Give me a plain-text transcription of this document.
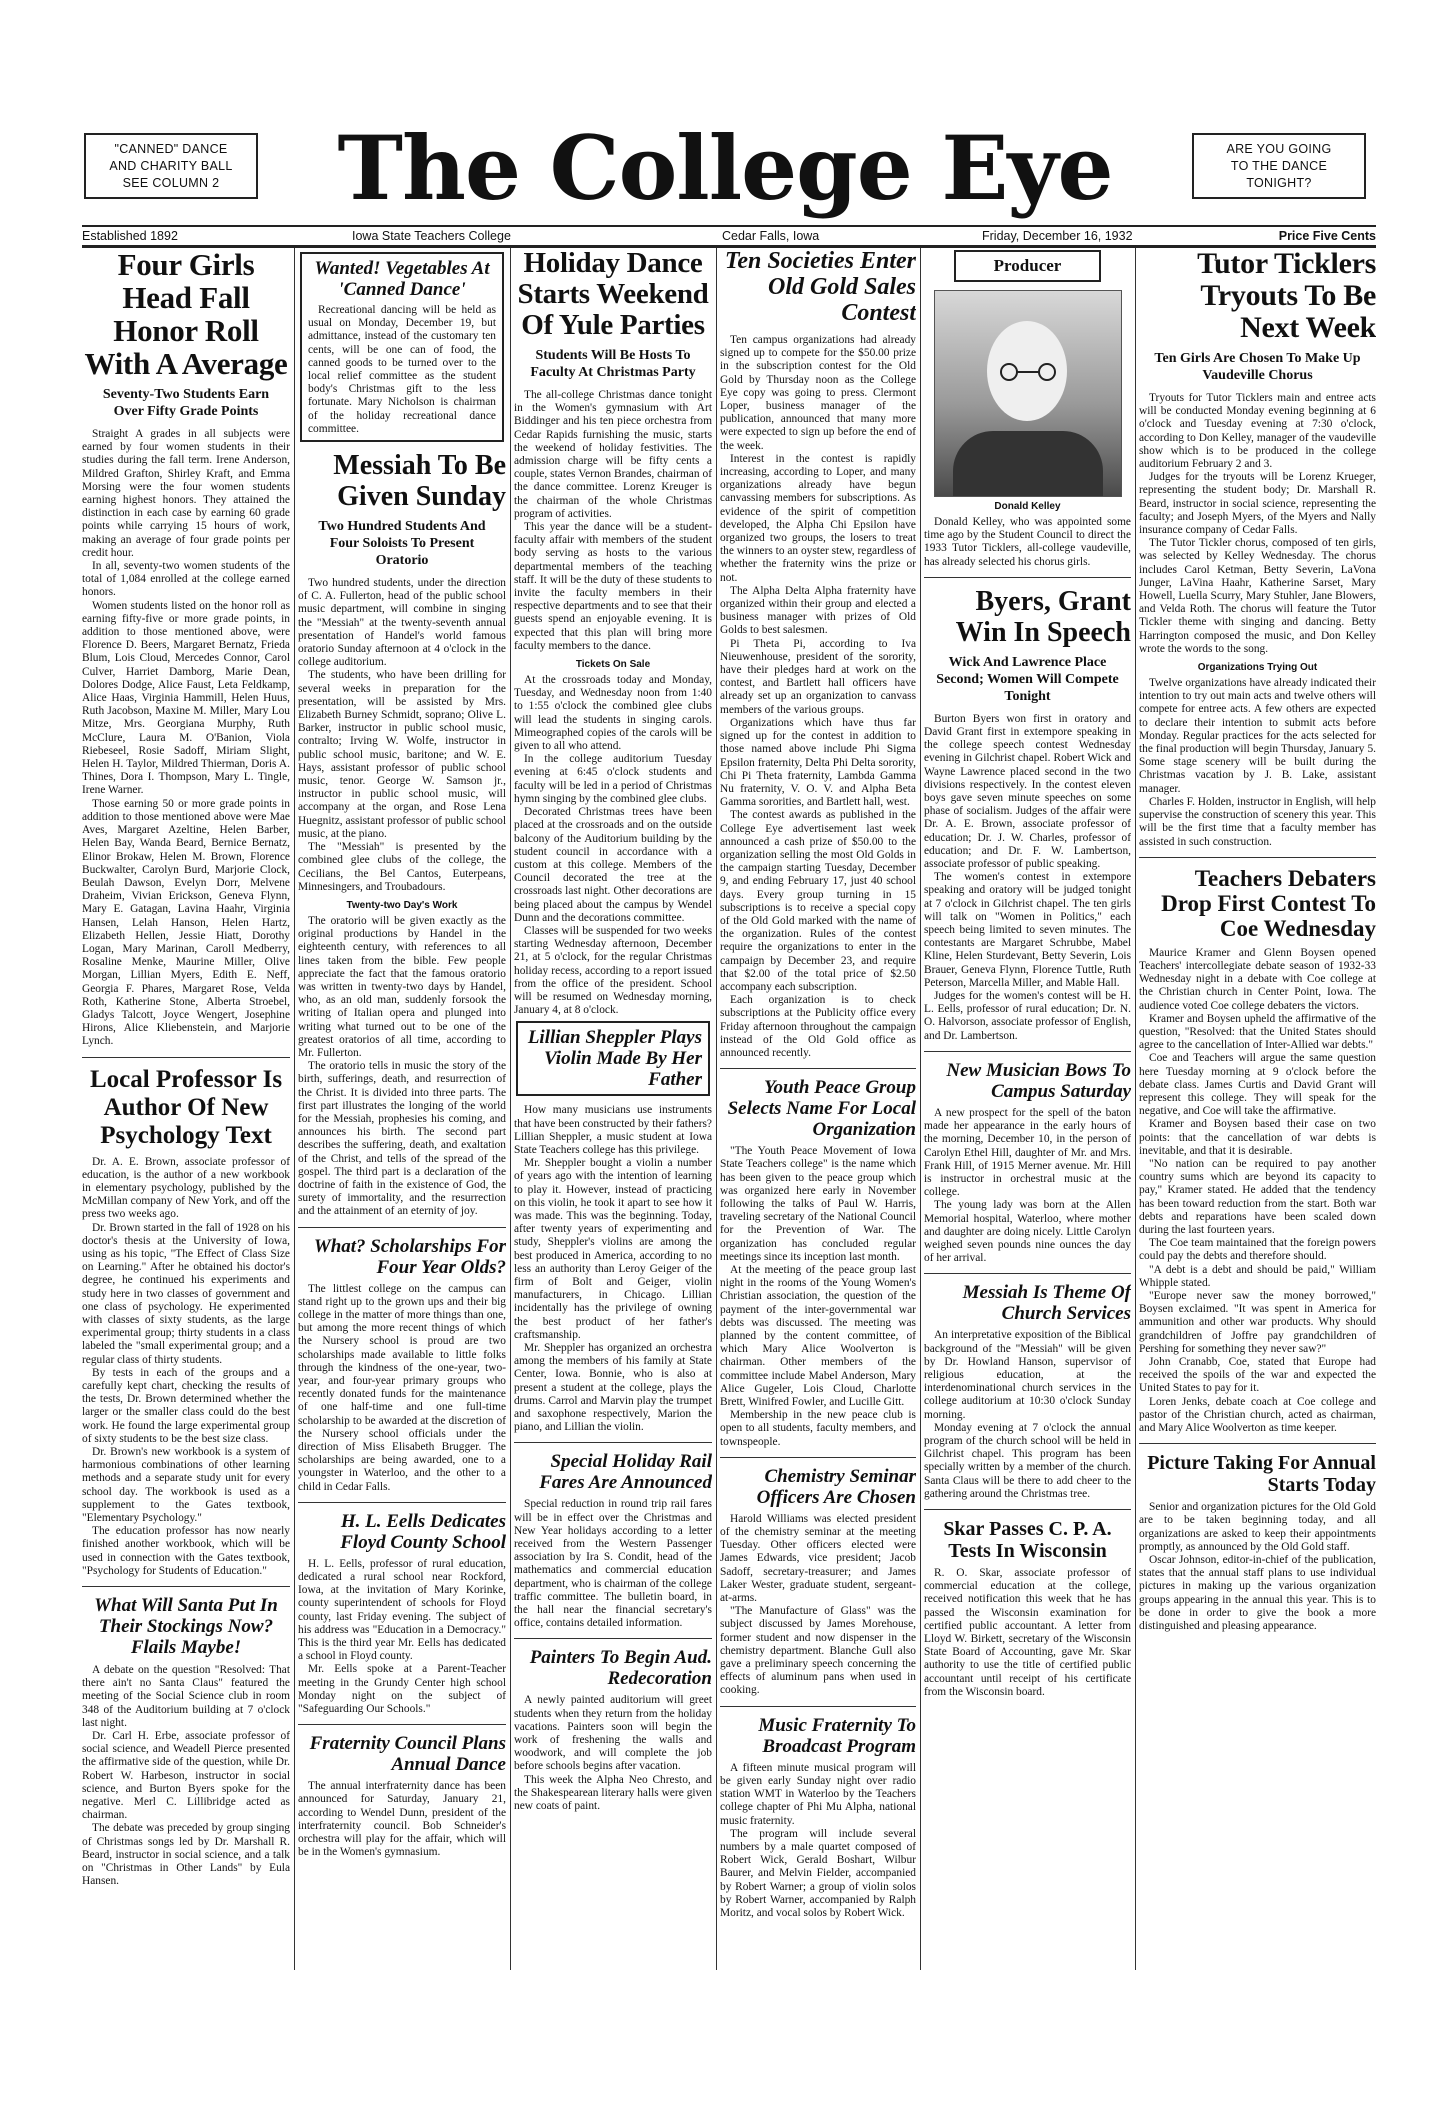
"CANNED" DANCE
AND CHARITY BALL
SEE COLUMN 2	The College Eye	ARE YOU GOING
TO THE DANCE
TONIGHT?
Established 1892	Iowa State Teachers College	Cedar Falls, Iowa	Friday, December 16, 1932	Price Five Cents
Four Girls Head Fall Honor Roll With A Average
Seventy-Two Students Earn Over Fifty Grade Points

Straight A grades in all subjects were earned by four women students in their studies during the fall term. Irene Anderson, Mildred Grafton, Shirley Kraft, and Emma Morsing were the four women students earning highest honors. They attained the distinction in each case by earning 60 grade points while carrying 15 hours of work, making an average of four grade points per credit hour.

In all, seventy-two women students of the total of 1,084 enrolled at the college earned honors.

Women students listed on the honor roll as earning fifty-five or more grade points, in addition to those mentioned above, were Florence D. Beers, Margaret Bernatz, Frieda Blum, Lois Cloud, Mercedes Connor, Carol Culver, Harriet Damborg, Marie Dean, Dolores Dodge, Alice Faust, Leta Feldkamp, Alice Haas, Virginia Hammill, Helen Huus, Ruth Jacobson, Maxine M. Miller, Mary Lou Mitze, Mrs. Georgiana Murphy, Ruth McClure, Laura M. O'Banion, Viola Riebeseel, Rosie Sadoff, Miriam Slight, Helen H. Taylor, Mildred Thierman, Doris A. Thines, Dora I. Thompson, Mary L. Tingle, Irene Warner.

Those earning 50 or more grade points in addition to those mentioned above were Mae Aves, Margaret Azeltine, Helen Barber, Helen Bay, Wanda Beard, Bernice Bernatz, Elinor Brokaw, Helen M. Brown, Florence Buckwalter, Carolyn Burd, Marjorie Clock, Beulah Dawson, Evelyn Dorr, Melvene Draheim, Vivian Erickson, Geneva Flynn, Mary E. Gatagan, Lavina Haahr, Virginia Hansen, Lelah Hanson, Helen Hartz, Elizabeth Hellen, Jessie Hiatt, Dorothy Logan, Mary Marinan, Caroll Medberry, Rosaline Menke, Maurine Miller, Olive Morgan, Lillian Myers, Edith E. Neff, Georgia F. Phares, Margaret Rose, Velda Roth, Katherine Stone, Alberta Stroebel, Gladys Talcott, Joyce Wengert, Josephine Hirons, Alice Kliebenstein, and Marjorie Lynch.

Local Professor Is Author Of New Psychology Text

Dr. A. E. Brown, associate professor of education, is the author of a new workbook in elementary psychology, published by the McMillan company of New York, and off the press two weeks ago.

Dr. Brown started in the fall of 1928 on his doctor's thesis at the University of Iowa, using as his topic, "The Effect of Class Size on Learning." After he obtained his doctor's degree, he continued his experiments and study here in two classes of government and one class of psychology. He experimented with classes of sixty students, as the large experimental group; thirty students in a class labeled the "small experimental group; and a regular class of thirty students.

By tests in each of the groups and a carefully kept chart, checking the results of the tests, Dr. Brown determined whether the larger or the smaller class could do the best work. He found the large experimental group of sixty students to be the best size class.

Dr. Brown's new workbook is a system of harmonious combinations of other learning methods and a separate study unit for every school day. The workbook is used as a supplement to the Gates textbook, "Elementary Psychology."

The education professor has now nearly finished another workbook, which will be used in connection with the Gates textbook, "Psychology for Students of Education."

What Will Santa Put In Their Stockings Now? Flails Maybe!

A debate on the question "Resolved: That there ain't no Santa Claus" featured the meeting of the Social Science club in room 348 of the Auditorium building at 7 o'clock last night.

Dr. Carl H. Erbe, associate professor of social science, and Weadell Pierce presented the affirmative side of the question, while Dr. Robert W. Harbeson, instructor in social science, and Burton Byers spoke for the negative. Merl C. Lillibridge acted as chairman.

The debate was preceded by group singing of Christmas songs led by Dr. Marshall R. Beard, instructor in social science, and a talk on "Christmas in Other Lands" by Eula Hansen.

Wanted! Vegetables At 'Canned Dance'

Recreational dancing will be held as usual on Monday, December 19, but admittance, instead of the customary ten cents, will be one can of food, the canned goods to be turned over to the local relief committee as the student body's Christmas gift to the less fortunate. Mary Nicholson is chairman of the holiday recreational dance committee.

Messiah To Be Given Sunday
Two Hundred Students And Four Soloists To Present Oratorio

Two hundred students, under the direction of C. A. Fullerton, head of the public school music department, will combine in singing the "Messiah" at the twenty-seventh annual presentation of Handel's world famous oratorio Sunday afternoon at 4 o'clock in the college auditorium.

The students, who have been drilling for several weeks in preparation for the presentation, will be assisted by Mrs. Elizabeth Burney Schmidt, soprano; Olive L. Barker, instructor in public school music, contralto; Irving W. Wolfe, instructor in public school music, baritone; and W. E. Hays, assistant professor of public school music, tenor. George W. Samson jr., instructor in public school music, will accompany at the organ, and Rose Lena Huegnitz, assistant professor of public school music, at the piano.

The "Messiah" is presented by the combined glee clubs of the college, the Cecilians, the Bel Cantos, Euterpeans, Minnesingers, and Troubadours.

Twenty-two Day's Work

The oratorio will be given exactly as the original productions by Handel in the eighteenth century, with references to all lines taken from the bible. Few people appreciate the fact that the famous oratorio was written in twenty-two days by Handel, who, as an old man, suddenly forsook the writing of Italian opera and plunged into writing what turned out to be one of the greatest oratorios of all time, according to Mr. Fullerton.

The oratorio tells in music the story of the birth, sufferings, death, and resurrection of the Christ. It is divided into three parts. The first part illustrates the longing of the world for the Messiah, prophesies his coming, and announces his birth. The second part describes the suffering, death, and exaltation of the Christ, and tells of the spread of the gospel. The third part is a declaration of the doctrine of faith in the existence of God, the surety of immortality, and the resurrection and the attainment of an eternity of joy.

What? Scholarships For Four Year Olds?

The littlest college on the campus can stand right up to the grown ups and their big college in the matter of more things than one, but among the more recent things of which the Nursery school is proud are two scholarships made available to little folks through the kindness of the one-year, two-year, and four-year primary groups who recently donated funds for the maintenance of one half-time and one full-time scholarship to be awarded at the discretion of the Nursery school officials under the direction of Miss Elisabeth Brugger. The scholarships are being awarded, one to a youngster in Waterloo, and the other to a child in Cedar Falls.

H. L. Eells Dedicates Floyd County School

H. L. Eells, professor of rural education, dedicated a rural school near Rockford, Iowa, at the invitation of Mary Korinke, county superintendent of schools for Floyd county, last Friday evening. The subject of his address was "Education in a Democracy." This is the third year Mr. Eells has dedicated a school in Floyd county.

Mr. Eells spoke at a Parent-Teacher meeting in the Grundy Center high school Monday night on the subject of "Safeguarding Our Schools."

Fraternity Council Plans Annual Dance

The annual interfraternity dance has been announced for Saturday, January 21, according to Wendel Dunn, president of the interfraternity council. Bob Schneider's orchestra will play for the affair, which will be in the Women's gymnasium.

Holiday Dance Starts Weekend Of Yule Parties
Students Will Be Hosts To Faculty At Christmas Party

The all-college Christmas dance tonight in the Women's gymnasium with Art Biddinger and his ten piece orchestra from Cedar Rapids furnishing the music, starts the weekend of holiday festivities. The admission charge will be fifty cents a couple, states Vernon Brandes, chairman of the dance committee. Lorenz Kreuger is the chairman of the whole Christmas program of activities.

This year the dance will be a student-faculty affair with members of the student body serving as hosts to the various departmental members of the teaching staff. It will be the duty of these students to invite the faculty members in their respective departments and to see that their guests spend an enjoyable evening. It is expected that this plan will bring more faculty members to the dance.

Tickets On Sale

At the crossroads today and Monday, Tuesday, and Wednesday noon from 1:40 to 1:55 o'clock the combined glee clubs will lead the students in singing carols. Mimeographed copies of the carols will be given to all who attend.

In the college auditorium Tuesday evening at 6:45 o'clock students and faculty will be led in a period of Christmas hymn singing by the combined glee clubs.

Decorated Christmas trees have been placed at the crossroads and on the outside balcony of the Auditorium building by the student council in accordance with a custom at this college. Members of the Council decorated the tree at the crossroads last night. Other decorations are being placed about the campus by Wendel Dunn and the decorations committee.

Classes will be suspended for two weeks starting Wednesday afternoon, December 21, at 5 o'clock, for the regular Christmas holiday recess, according to a report issued from the office of the president. School will be resumed on Wednesday morning, January 4, at 8 o'clock.

Lillian Sheppler Plays Violin Made By Her Father

How many musicians use instruments that have been constructed by their fathers? Lillian Sheppler, a music student at Iowa State Teachers college has this privilege.

Mr. Sheppler bought a violin a number of years ago with the intention of learning to play it. However, instead of practicing on this violin, he took it apart to see how it was made. This was the beginning. Today, after twenty years of experimenting and study, Sheppler's violins are among the best produced in America, according to no less an authority than Leroy Geiger of the firm of Bolt and Geiger, violin manufacturers, in Chicago. Lillian incidentally has the privilege of owning the best product of her father's craftsmanship.

Mr. Sheppler has organized an orchestra among the members of his family at State Center, Iowa. Bonnie, who is also at present a student at the college, plays the drums. Carrol and Marvin play the trumpet and saxophone respectively, Marion the piano, and Lillian the violin.

Special Holiday Rail Fares Are Announced

Special reduction in round trip rail fares will be in effect over the Christmas and New Year holidays according to a letter received from the Western Passenger association by Ira S. Condit, head of the mathematics and commercial education department, who is chairman of the college traffic committee. The bulletin board, in the hall near the financial secretary's office, contains detailed information.

Painters To Begin Aud. Redecoration

A newly painted auditorium will greet students when they return from the holiday vacations. Painters soon will begin the work of freshening the walls and woodwork, and will complete the job before schools begins after vacation.

This week the Alpha Neo Chresto, and the Shakespearean literary halls were given new coats of paint.

Ten Societies Enter Old Gold Sales Contest

Ten campus organizations had already signed up to compete for the $50.00 prize in the subscription contest for the Old Gold by Thursday noon as the College Eye copy was going to press. Clermont Loper, business manager of the publication, announced that many more were expected to sign up before the end of the week.

Interest in the contest is rapidly increasing, according to Loper, and many organizations already have begun canvassing members for subscriptions. As evidence of the spirit of competition developed, the Alpha Chi Epsilon have organized two groups, the losers to treat the winners to an oyster stew, regardless of whether the fraternity wins the prize or not.

The Alpha Delta Alpha fraternity have organized within their group and elected a business manager with prizes of Old Golds to best salesmen.

Pi Theta Pi, according to Iva Nieuwenhouse, president of the sorority, have their pledges hard at work on the contest, and Bartlett hall officers have already set up an organization to canvass members of the various groups.

Organizations which have thus far signed up for the contest in addition to those named above include Phi Sigma Epsilon fraternity, Delta Phi Delta sorority, Chi Pi Theta fraternity, Lambda Gamma Nu fraternity, V. O. V. and Alpha Beta Gamma sororities, and Bartlett hall, west.

The contest awards as published in the College Eye advertisement last week announced a cash prize of $50.00 to the organization selling the most Old Golds in the campaign starting Tuesday, December 9, and ending February 17, just 40 school days. Every group turning in 15 subscriptions is to receive a special copy of the Old Gold marked with the name of the organization. Rules of the contest require the organizations to enter in the campaign by December 23, and require that $2.00 of the total price of $2.50 accompany each subscription.

Each organization is to check subscriptions at the Publicity office every Friday afternoon throughout the campaign instead of the Old Gold office as announced recently.

Youth Peace Group Selects Name For Local Organization

"The Youth Peace Movement of Iowa State Teachers college" is the name which has been given to the peace group which was organized here early in November following the talks of Paul W. Harris, traveling secretary of the National Council for the Prevention of War. The organization has concluded regular meetings since its inception last month.

At the meeting of the peace group last night in the rooms of the Young Women's Christian association, the question of the payment of the inter-governmental war debts was discussed. The meeting was planned by the content committee, of which Mary Alice Woolverton is chairman. Other members of the committee include Mabel Anderson, Mary Alice Gugeler, Lois Cloud, Charlotte Brett, Winifred Fowler, and Lucille Gitt.

Membership in the new peace club is open to all students, faculty members, and townspeople.

Chemistry Seminar Officers Are Chosen

Harold Williams was elected president of the chemistry seminar at the meeting Tuesday. Other officers elected were James Edwards, vice president; Jacob Sadoff, secretary-treasurer; and James Laker Wester, graduate student, sergeant-at-arms.

"The Manufacture of Glass" was the subject discussed by James Morehouse, former student and now dispenser in the chemistry department. Blanche Gull also gave a preliminary speech concerning the effects of aluminum pans when used in cooking.

Music Fraternity To Broadcast Program

A fifteen minute musical program will be given early Sunday night over radio station WMT in Waterloo by the Teachers college chapter of Phi Mu Alpha, national music fraternity.

The program will include several numbers by a male quartet composed of Robert Wick, Gerald Boshart, Wilbur Baurer, and Melvin Fielder, accompanied by Robert Warner; a group of violin solos by Robert Warner, accompanied by Ralph Moritz, and vocal solos by Robert Wick.

Producer
Donald Kelley

Donald Kelley, who was appointed some time ago by the Student Council to direct the 1933 Tutor Ticklers, all-college vaudeville, has already selected his chorus girls.

Byers, Grant Win In Speech
Wick And Lawrence Place Second; Women Will Compete Tonight

Burton Byers won first in oratory and David Grant first in extempore speaking in the college speech contest Wednesday evening in Gilchrist chapel. Robert Wick and Wayne Lawrence placed second in the two divisions respectively. In the contest eleven boys gave seven minute speeches on some phase of socialism. Judges of the affair were Dr. A. E. Brown, associate professor of education; Dr. J. W. Charles, professor of education; and Dr. F. W. Lambertson, associate professor of public speaking.

The women's contest in extempore speaking and oratory will be judged tonight at 7 o'clock in Gilchrist chapel. The ten girls will talk on "Women in Politics," each speech being limited to seven minutes. The contestants are Margaret Schrubbe, Mabel Kline, Helen Sturdevant, Betty Severin, Lois Brauer, Geneva Flynn, Florence Tuttle, Ruth Peterson, Marcella Miller, and Mable Hall.

Judges for the women's contest will be H. L. Eells, professor of rural education; Dr. N. O. Halvorson, associate professor of English, and Dr. Lambertson.

New Musician Bows To Campus Saturday

A new prospect for the spell of the baton made her appearance in the early hours of the morning, December 10, in the person of Carolyn Ethel Hill, daughter of Mr. and Mrs. Frank Hill, of 1915 Merner avenue. Mr. Hill is instructor in orchestral music at the college.

The young lady was born at the Allen Memorial hospital, Waterloo, where mother and daughter are doing nicely. Little Carolyn weighed seven pounds nine ounces the day of her arrival.

Messiah Is Theme Of Church Services

An interpretative exposition of the Biblical background of the "Messiah" will be given by Dr. Howland Hanson, supervisor of religious education, at the interdenominational church services in the college auditorium at 10:30 o'clock Sunday morning.

Monday evening at 7 o'clock the annual program of the church school will be held in Gilchrist chapel. This program has been specially written by a member of the church. Santa Claus will be there to add cheer to the gathering around the Christmas tree.

Skar Passes C. P. A. Tests In Wisconsin

R. O. Skar, associate professor of commercial education at the college, received notification this week that he has passed the Wisconsin examination for certified public accountant. A letter from Lloyd W. Birkett, secretary of the Wisconsin State Board of Accounting, gave Mr. Skar authority to use the title of certified public accountant until receipt of his certificate from the Wisconsin board.

Tutor Ticklers Tryouts To Be Next Week
Ten Girls Are Chosen To Make Up Vaudeville Chorus

Tryouts for Tutor Ticklers main and entree acts will be conducted Monday evening beginning at 6 o'clock and Tuesday evening at 7:30 o'clock, according to Don Kelley, manager of the vaudeville show which is to be produced in the college auditorium February 2 and 3.

Judges for the tryouts will be Lorenz Krueger, representing the student body; Dr. Marshall R. Beard, instructor in social science, representing the faculty; and Joseph Myers, of the Myers and Nally insurance company of Cedar Falls.

The Tutor Tickler chorus, composed of ten girls, was selected by Kelley Wednesday. The chorus includes Carol Ketman, Betty Severin, LaVona Junger, LaVina Haahr, Katherine Sarset, Mary Howell, Luella Scurry, Mary Stuhler, Jane Blowers, and Velda Roth. The chorus will feature the Tutor Tickler theme with singing and dancing. Betty Harrington composed the music, and Don Kelley wrote the words to the song.

Organizations Trying Out

Twelve organizations have already indicated their intention to try out main acts and twelve others will compete for entree acts. A few others are expected to declare their intention to submit acts before Monday. Regular practices for the acts selected for the final production will begin Thursday, January 5. Some stage scenery will be built during the Christmas vacation by J. B. Lake, assistant manager.

Charles F. Holden, instructor in English, will help supervise the construction of scenery this year. This will be the first time that a faculty member has assisted in such construction.

Teachers Debaters Drop First Contest To Coe Wednesday

Maurice Kramer and Glenn Boysen opened Teachers' intercollegiate debate season of 1932-33 Wednesday night in a debate with Coe college at the Christian church in Center Point, Iowa. The audience voted Coe college debaters the victors.

Kramer and Boysen upheld the affirmative of the question, "Resolved: that the United States should agree to the cancellation of Inter-Allied war debts."

Coe and Teachers will argue the same question here Tuesday morning at 9 o'clock before the debate class. James Curtis and David Grant will represent this college. They will speak for the negative, and Coe will take the affirmative.

Kramer and Boysen based their case on two points: that the cancellation of war debts is inevitable, and that it is desirable.

"No nation can be required to pay another country sums which are beyond its capacity to pay," Kramer stated. He added that the tendency has been toward reduction from the start. Both war debts and reparations have been scaled down during the last fourteen years.

The Coe team maintained that the foreign powers could pay the debts and therefore should.

"A debt is a debt and should be paid," William Whipple stated.

"Europe never saw the money borrowed," Boysen exclaimed. "It was spent in America for ammunition and other war products. Why should grandchildren of Joffre pay grandchildren of Pershing for something they never saw?"

John Cranabb, Coe, stated that Europe had received the spoils of the war and expected the United States to pay for it.

Loren Jenks, debate coach at Coe college and pastor of the Christian church, acted as chairman, and Mary Alice Woolverton as time keeper.

Picture Taking For Annual Starts Today

Senior and organization pictures for the Old Gold are to be taken beginning today, and all organizations are asked to keep their appointments promptly, as announced by the Old Gold staff.

Oscar Johnson, editor-in-chief of the publication, states that the annual staff plans to use individual pictures in making up the various organization groups appearing in the annual this year. This is to be done in order to give the book a more distinguished and pleasing appearance.
